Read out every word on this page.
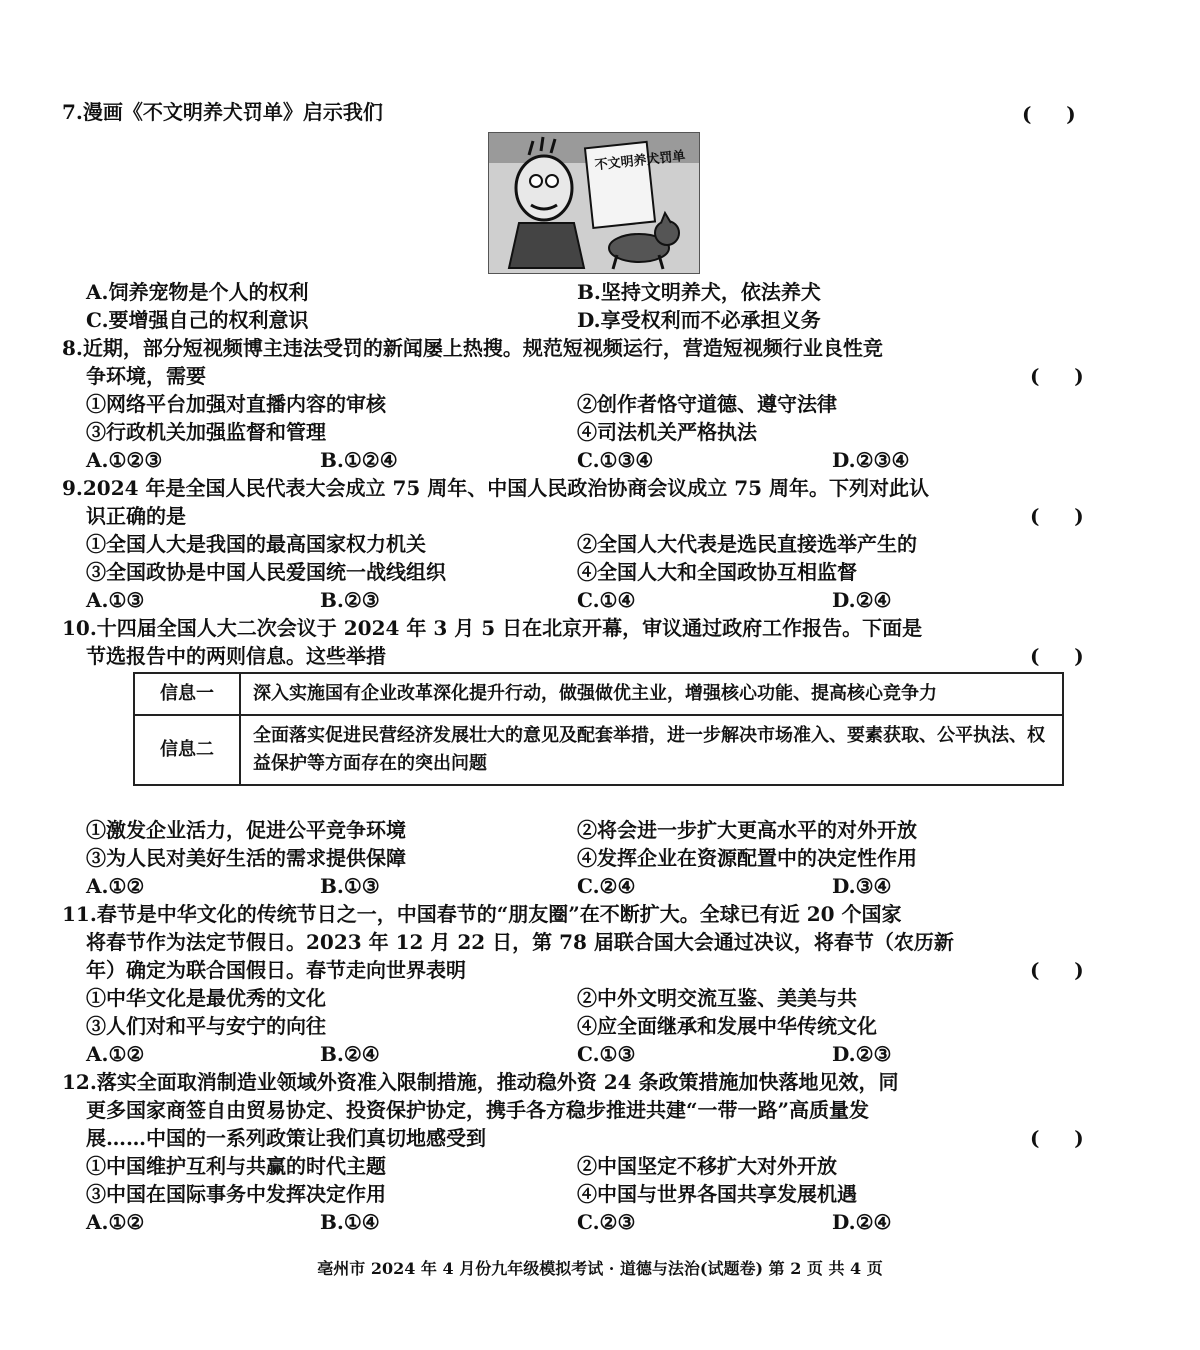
7.漫画《不文明养犬罚单》启示我们	(     )
不文明养犬罚单
A.饲养宠物是个人的权利	B.坚持文明养犬，依法养犬
C.要增强自己的权利意识	D.享受权利而不必承担义务
8.近期，部分短视频博主违法受罚的新闻屡上热搜。规范短视频运行，营造短视频行业良性竞
争环境，需要	(     )
①网络平台加强对直播内容的审核	②创作者恪守道德、遵守法律
③行政机关加强监督和管理	④司法机关严格执法
A.①②③	B.①②④	C.①③④	D.②③④
9.2024 年是全国人民代表大会成立 75 周年、中国人民政治协商会议成立 75 周年。下列对此认
识正确的是	(     )
①全国人大是我国的最高国家权力机关	②全国人大代表是选民直接选举产生的
③全国政协是中国人民爱国统一战线组织	④全国人大和全国政协互相监督
A.①③	B.②③	C.①④	D.②④
10.十四届全国人大二次会议于 2024 年 3 月 5 日在北京开幕，审议通过政府工作报告。下面是
节选报告中的两则信息。这些举措	(     )
信息一	深入实施国有企业改革深化提升行动，做强做优主业，增强核心功能、提高核心竞争力
信息二	全面落实促进民营经济发展壮大的意见及配套举措，进一步解决市场准入、要素获取、公平执法、权益保护等方面存在的突出问题
①激发企业活力，促进公平竞争环境	②将会进一步扩大更高水平的对外开放
③为人民对美好生活的需求提供保障	④发挥企业在资源配置中的决定性作用
A.①②	B.①③	C.②④	D.③④
11.春节是中华文化的传统节日之一，中国春节的“朋友圈”在不断扩大。全球已有近 20 个国家
将春节作为法定节假日。2023 年 12 月 22 日，第 78 届联合国大会通过决议，将春节（农历新
年）确定为联合国假日。春节走向世界表明	(     )
①中华文化是最优秀的文化	②中外文明交流互鉴、美美与共
③人们对和平与安宁的向往	④应全面继承和发展中华传统文化
A.①②	B.②④	C.①③	D.②③
12.落实全面取消制造业领域外资准入限制措施，推动稳外资 24 条政策措施加快落地见效，同
更多国家商签自由贸易协定、投资保护协定，携手各方稳步推进共建“一带一路”高质量发
展……中国的一系列政策让我们真切地感受到	(     )
①中国维护互利与共赢的时代主题	②中国坚定不移扩大对外开放
③中国在国际事务中发挥决定作用	④中国与世界各国共享发展机遇
A.①②	B.①④	C.②③	D.②④
亳州市 2024 年 4 月份九年级模拟考试 · 道德与法治(试题卷) 第 2 页 共 4 页
